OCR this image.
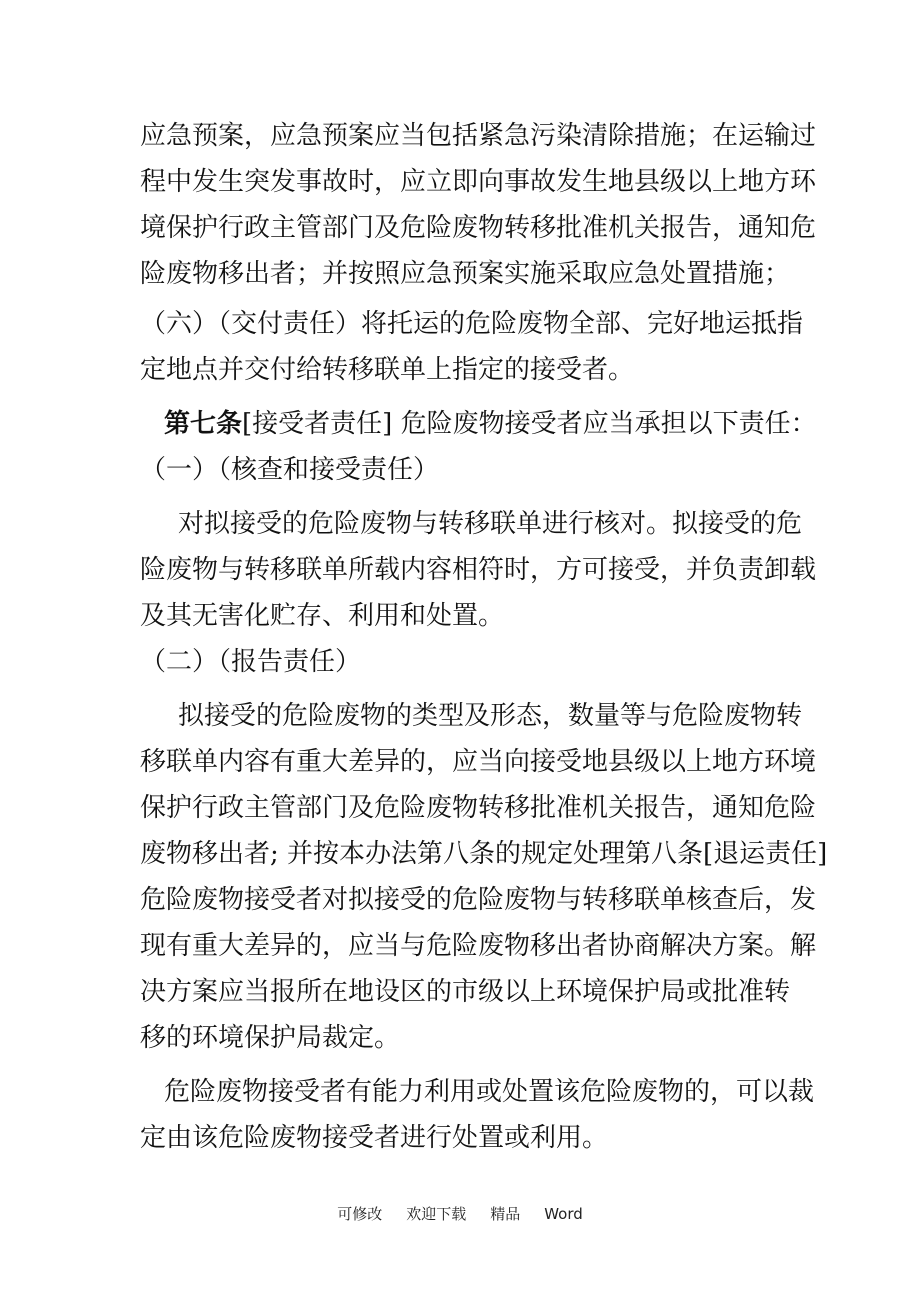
应急预案，应急预案应当包括紧急污染清除措施；在运输过
程中发生突发事故时，应立即向事故发生地县级以上地方环
境保护行政主管部门及危险废物转移批准机关报告，通知危
险废物移出者；并按照应急预案实施采取应急处置措施；
（六）（交付责任）将托运的危险废物全部、完好地运抵指
定地点并交付给转移联单上指定的接受者。
第七条[接受者责任] 危险废物接受者应当承担以下责任：
（一）（核查和接受责任）
对拟接受的危险废物与转移联单进行核对。拟接受的危
险废物与转移联单所载内容相符时，方可接受，并负责卸载
及其无害化贮存、利用和处置。
（二）（报告责任）
拟接受的危险废物的类型及形态，数量等与危险废物转
移联单内容有重大差异的，应当向接受地县级以上地方环境
保护行政主管部门及危险废物转移批准机关报告，通知危险
废物移出者; 并按本办法第八条的规定处理第八条[退运责任]
危险废物接受者对拟接受的危险废物与转移联单核查后，发
现有重大差异的，应当与危险废物移出者协商解决方案。解
决方案应当报所在地设区的市级以上环境保护局或批准转
移的环境保护局裁定。
危险废物接受者有能力利用或处置该危险废物的，可以裁
定由该危险废物接受者进行处置或利用。
可修改 欢迎下载 精品 Word
